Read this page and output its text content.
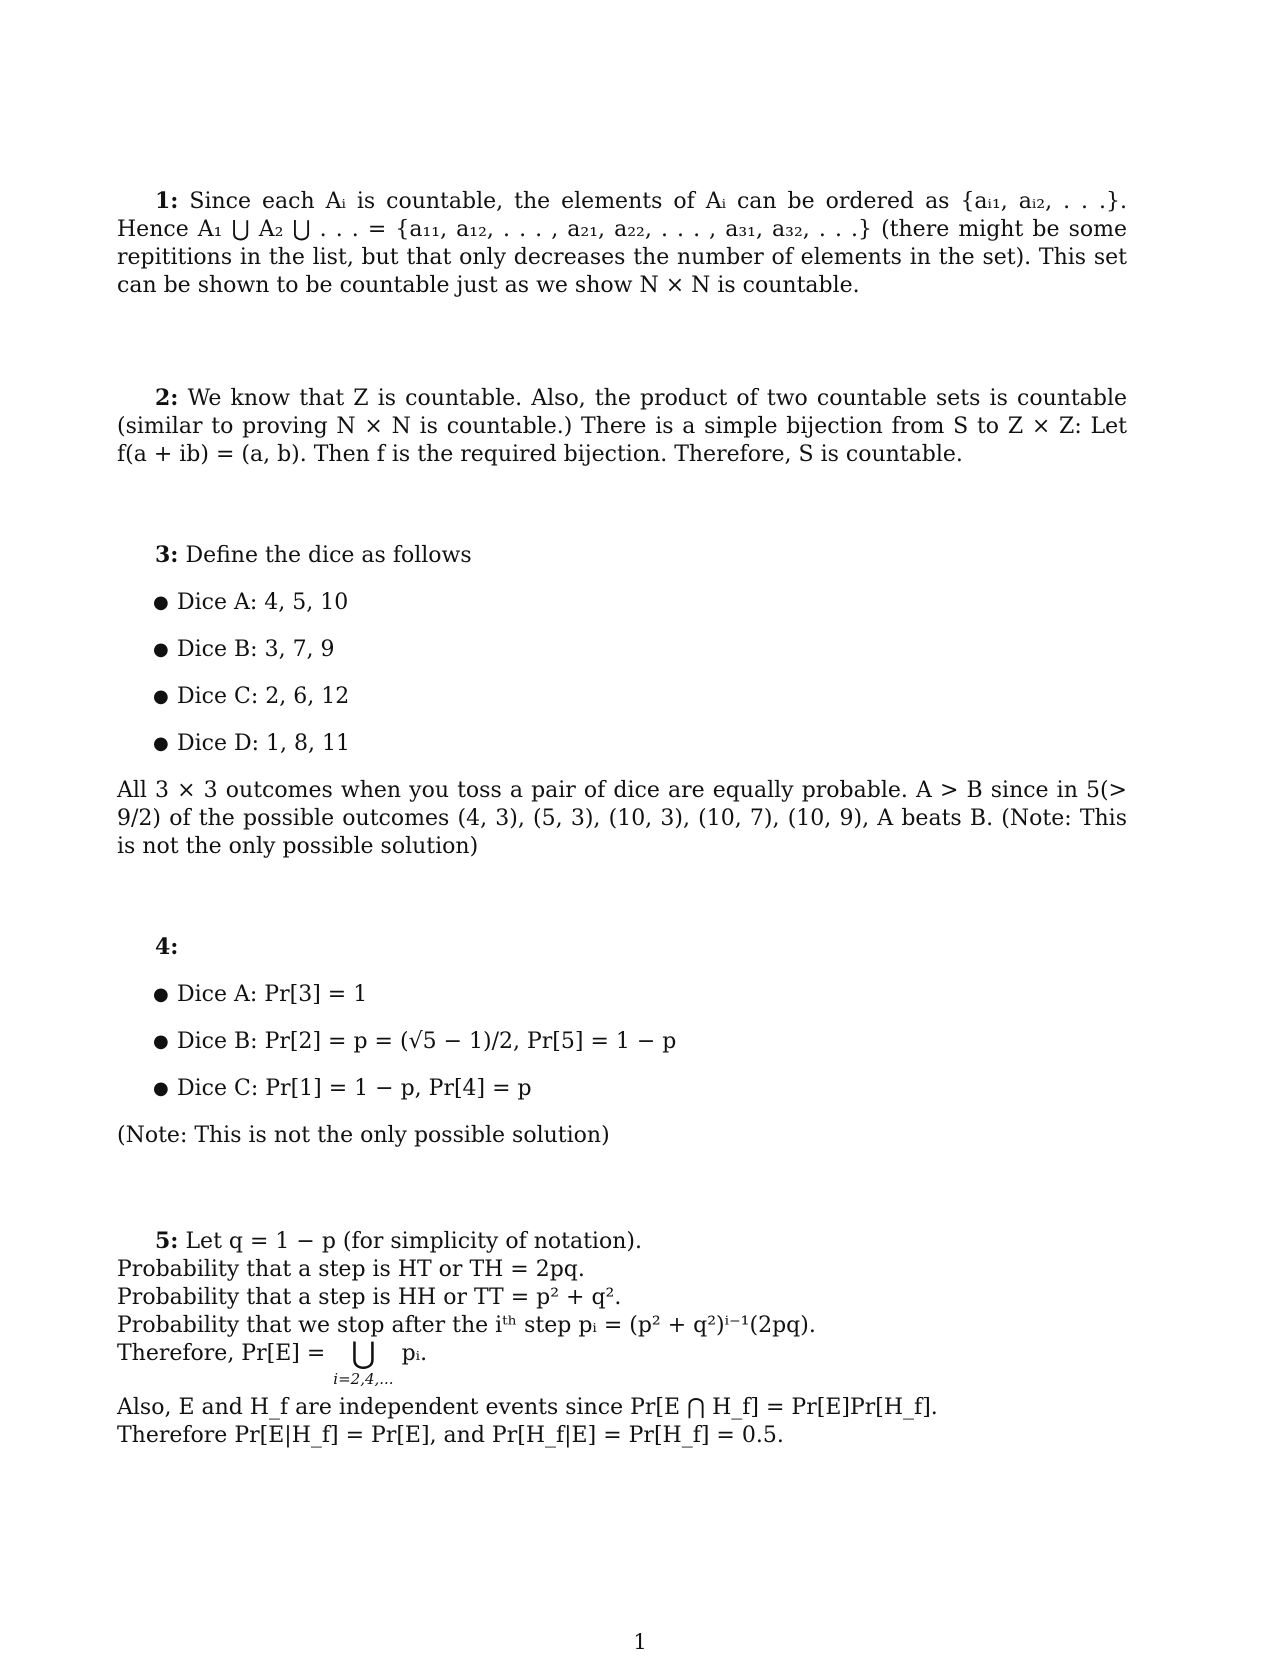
1: Since each Aᵢ is countable, the elements of Aᵢ can be ordered as {aᵢ₁, aᵢ₂, . . .}. Hence A₁ ⋃ A₂ ⋃ . . . = {a₁₁, a₁₂, . . . , a₂₁, a₂₂, . . . , a₃₁, a₃₂, . . .} (there might be some repititions in the list, but that only decreases the number of elements in the set). This set can be shown to be countable just as we show N × N is countable.

2: We know that Z is countable. Also, the product of two countable sets is countable (similar to proving N × N is countable.) There is a simple bijection from S to Z × Z: Let f(a + ib) = (a, b). Then f is the required bijection. Therefore, S is countable.

3: Define the dice as follows

● Dice A: 4, 5, 10
● Dice B: 3, 7, 9
● Dice C: 2, 6, 12
● Dice D: 1, 8, 11

All 3 × 3 outcomes when you toss a pair of dice are equally probable. A > B since in 5(> 9/2) of the possible outcomes (4, 3), (5, 3), (10, 3), (10, 7), (10, 9), A beats B. (Note: This is not the only possible solution)

4:

● Dice A: Pr[3] = 1
● Dice B: Pr[2] = p = (√5 − 1)/2, Pr[5] = 1 − p
● Dice C: Pr[1] = 1 − p, Pr[4] = p

(Note: This is not the only possible solution)

5: Let q = 1 − p (for simplicity of notation).

Probability that a step is HT or TH = 2pq.

Probability that a step is HH or TT = p² + q².

Probability that we stop after the iᵗʰ step pᵢ = (p² + q²)ⁱ⁻¹(2pq).

Therefore, Pr[E] = ⋃
i=2,4,...
pᵢ.

Also, E and H_f are independent events since Pr[E ⋂ H_f] = Pr[E]Pr[H_f].

Therefore Pr[E|H_f] = Pr[E], and Pr[H_f|E] = Pr[H_f] = 0.5.

1
